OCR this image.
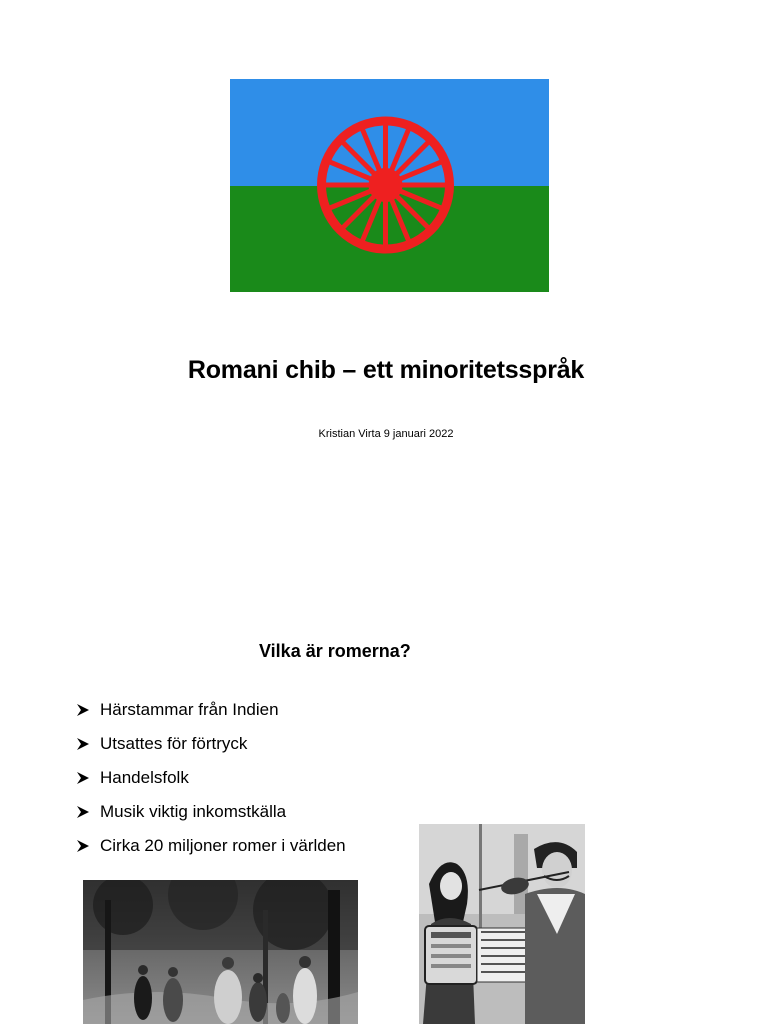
Romani chib – ett minoritetsspråk
Kristian Virta 9 januari 2022
Vilka är romerna?
Härstammar från Indien
Utsattes för förtryck
Handelsfolk
Musik viktig inkomstkälla
Cirka 20 miljoner romer i världen
